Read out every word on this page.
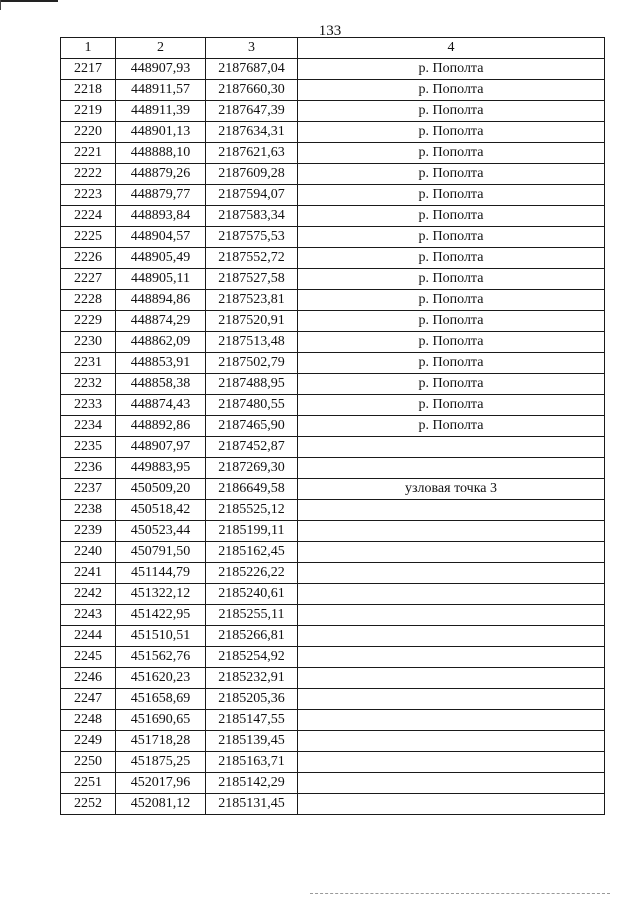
133
1	2	3	4
2217	448907,93	2187687,04	р. Пополта
2218	448911,57	2187660,30	р. Пополта
2219	448911,39	2187647,39	р. Пополта
2220	448901,13	2187634,31	р. Пополта
2221	448888,10	2187621,63	р. Пополта
2222	448879,26	2187609,28	р. Пополта
2223	448879,77	2187594,07	р. Пополта
2224	448893,84	2187583,34	р. Пополта
2225	448904,57	2187575,53	р. Пополта
2226	448905,49	2187552,72	р. Пополта
2227	448905,11	2187527,58	р. Пополта
2228	448894,86	2187523,81	р. Пополта
2229	448874,29	2187520,91	р. Пополта
2230	448862,09	2187513,48	р. Пополта
2231	448853,91	2187502,79	р. Пополта
2232	448858,38	2187488,95	р. Пополта
2233	448874,43	2187480,55	р. Пополта
2234	448892,86	2187465,90	р. Пополта
2235	448907,97	2187452,87	
2236	449883,95	2187269,30	
2237	450509,20	2186649,58	узловая точка 3
2238	450518,42	2185525,12	
2239	450523,44	2185199,11	
2240	450791,50	2185162,45	
2241	451144,79	2185226,22	
2242	451322,12	2185240,61	
2243	451422,95	2185255,11	
2244	451510,51	2185266,81	
2245	451562,76	2185254,92	
2246	451620,23	2185232,91	
2247	451658,69	2185205,36	
2248	451690,65	2185147,55	
2249	451718,28	2185139,45	
2250	451875,25	2185163,71	
2251	452017,96	2185142,29	
2252	452081,12	2185131,45	
